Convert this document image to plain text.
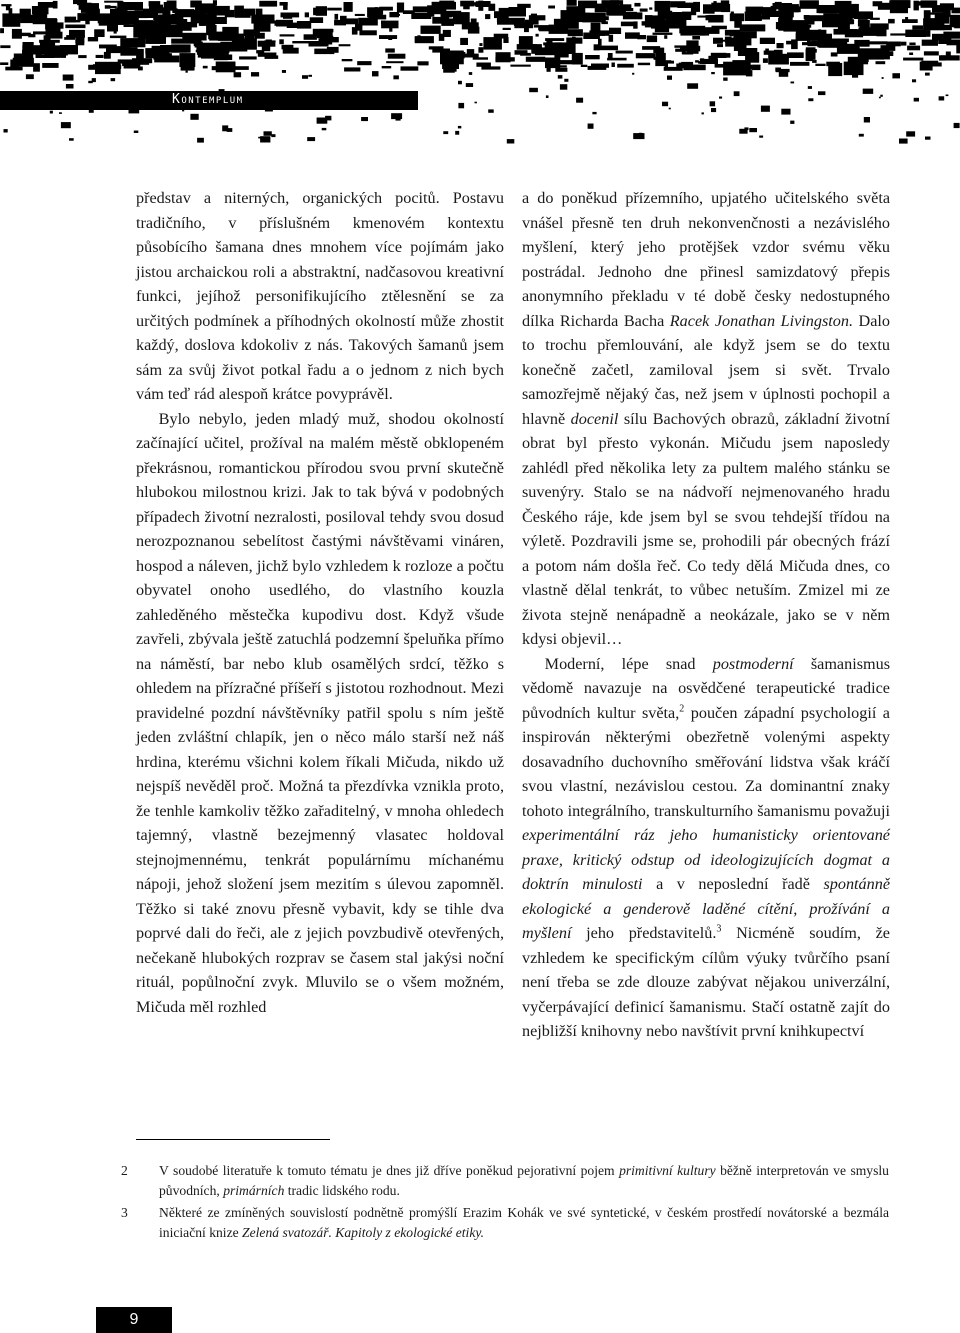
Kontemplum

představ a niterných, organických pocitů. Postavu tradičního, v příslušném kmenovém kontextu působícího šamana dnes mnohem více pojímám jako jistou archaickou roli a abstraktní, nadčasovou kreativní funkci, jejíhož personifikujícího ztělesnění se za určitých podmínek a příhodných okolností může zhostit každý, doslova kdokoliv z nás. Takových šamanů jsem sám za svůj život potkal řadu a o jednom z nich bych vám teď rád alespoň krátce povyprávěl.

Bylo nebylo, jeden mladý muž, shodou okolností začínající učitel, prožíval na malém městě obklopeném překrásnou, romantickou přírodou svou první skutečně hlubokou milostnou krizi. Jak to tak bývá v podobných případech životní nezralosti, posiloval tehdy svou dosud nerozpoznanou sebelítost častými návštěvami vináren, hospod a náleven, jichž bylo vzhledem k rozloze a počtu obyvatel onoho usedlého, do vlastního kouzla zahleděného městečka kupodivu dost. Když všude zavřeli, zbývala ještě zatuchlá podzemní špeluňka přímo na náměstí, bar nebo klub osamělých srdcí, těžko s ohledem na přízračné příšeří s jistotou rozhodnout. Mezi pravidelné pozdní návštěvníky patřil spolu s ním ještě jeden zvláštní chlapík, jen o něco málo starší než náš hrdina, kterému všichni kolem říkali Mičuda, nikdo už nejspíš nevěděl proč. Možná ta přezdívka vznikla proto, že tenhle kamkoliv těžko zařaditelný, v mnoha ohledech tajemný, vlastně bezejmenný vlasatec holdoval stejnojmennému, tenkrát populárnímu míchanému nápoji, jehož složení jsem mezitím s úlevou zapomněl. Těžko si také znovu přesně vybavit, kdy se tihle dva poprvé dali do řeči, ale z jejich povzbudivě otevřených, nečekaně hlubokých rozprav se časem stal jakýsi noční rituál, popůlnoční zvyk. Mluvilo se o všem možném, Mičuda měl rozhled

a do poněkud přízemního, upjatého učitelského světa vnášel přesně ten druh nekonvenčnosti a nezávislého myšlení, který jeho protějšek vzdor svému věku postrádal. Jednoho dne přinesl samizdatový přepis anonymního překladu v té době česky nedostupného dílka Richarda Bacha Racek Jonathan Livingston. Dalo to trochu přemlouvání, ale když jsem se do textu konečně začetl, zamiloval jsem si svět. Trvalo samozřejmě nějaký čas, než jsem v úplnosti pochopil a hlavně docenil sílu Bachových obrazů, základní životní obrat byl přesto vykonán. Mičudu jsem naposledy zahlédl před několika lety za pultem malého stánku se suvenýry. Stalo se na nádvoří nejmenovaného hradu Českého ráje, kde jsem byl se svou tehdejší třídou na výletě. Pozdravili jsme se, prohodili pár obecných frází a potom nám došla řeč. Co tedy dělá Mičuda dnes, co vlastně dělal tenkrát, to vůbec netuším. Zmizel mi ze života stejně nenápadně a neokázale, jako se v něm kdysi objevil…

Moderní, lépe snad postmoderní šamanismus vědomě navazuje na osvědčené terapeutické tradice původních kultur světa,$^2$ poučen západní psychologií a inspirován některými obezřetně volenými aspekty dosavadního duchovního směřování lidstva však kráčí svou vlastní, nezávislou cestou. Za dominantní znaky tohoto integrálního, transkulturního šamanismu považuji experimentální ráz jeho humanisticky orientované praxe, kritický odstup od ideologizujících dogmat a doktrín minulosti a v neposlední řadě spontánně ekologické a genderově laděné cítění, prožívání a myšlení jeho představitelů.$^3$ Nicméně soudím, že vzhledem ke specifickým cílům výuky tvůrčího psaní není třeba se zde dlouze zabývat nějakou univerzální, vyčerpávající definicí šamanismu. Stačí ostatně zajít do nejbližší knihovny nebo navštívit první knihkupectví

2 V soudobé literatuře k tomuto tématu je dnes již dříve poněkud pejorativní pojem primitivní kultury běžně interpretován ve smyslu původních, primárních tradic lidského rodu.
3 Některé ze zmíněných souvislostí podnětně promýšlí Erazim Kohák ve své syntetické, v českém prostředí novátorské a bezmála iniciační knize Zelená svatozář. Kapitoly z ekologické etiky.
9
